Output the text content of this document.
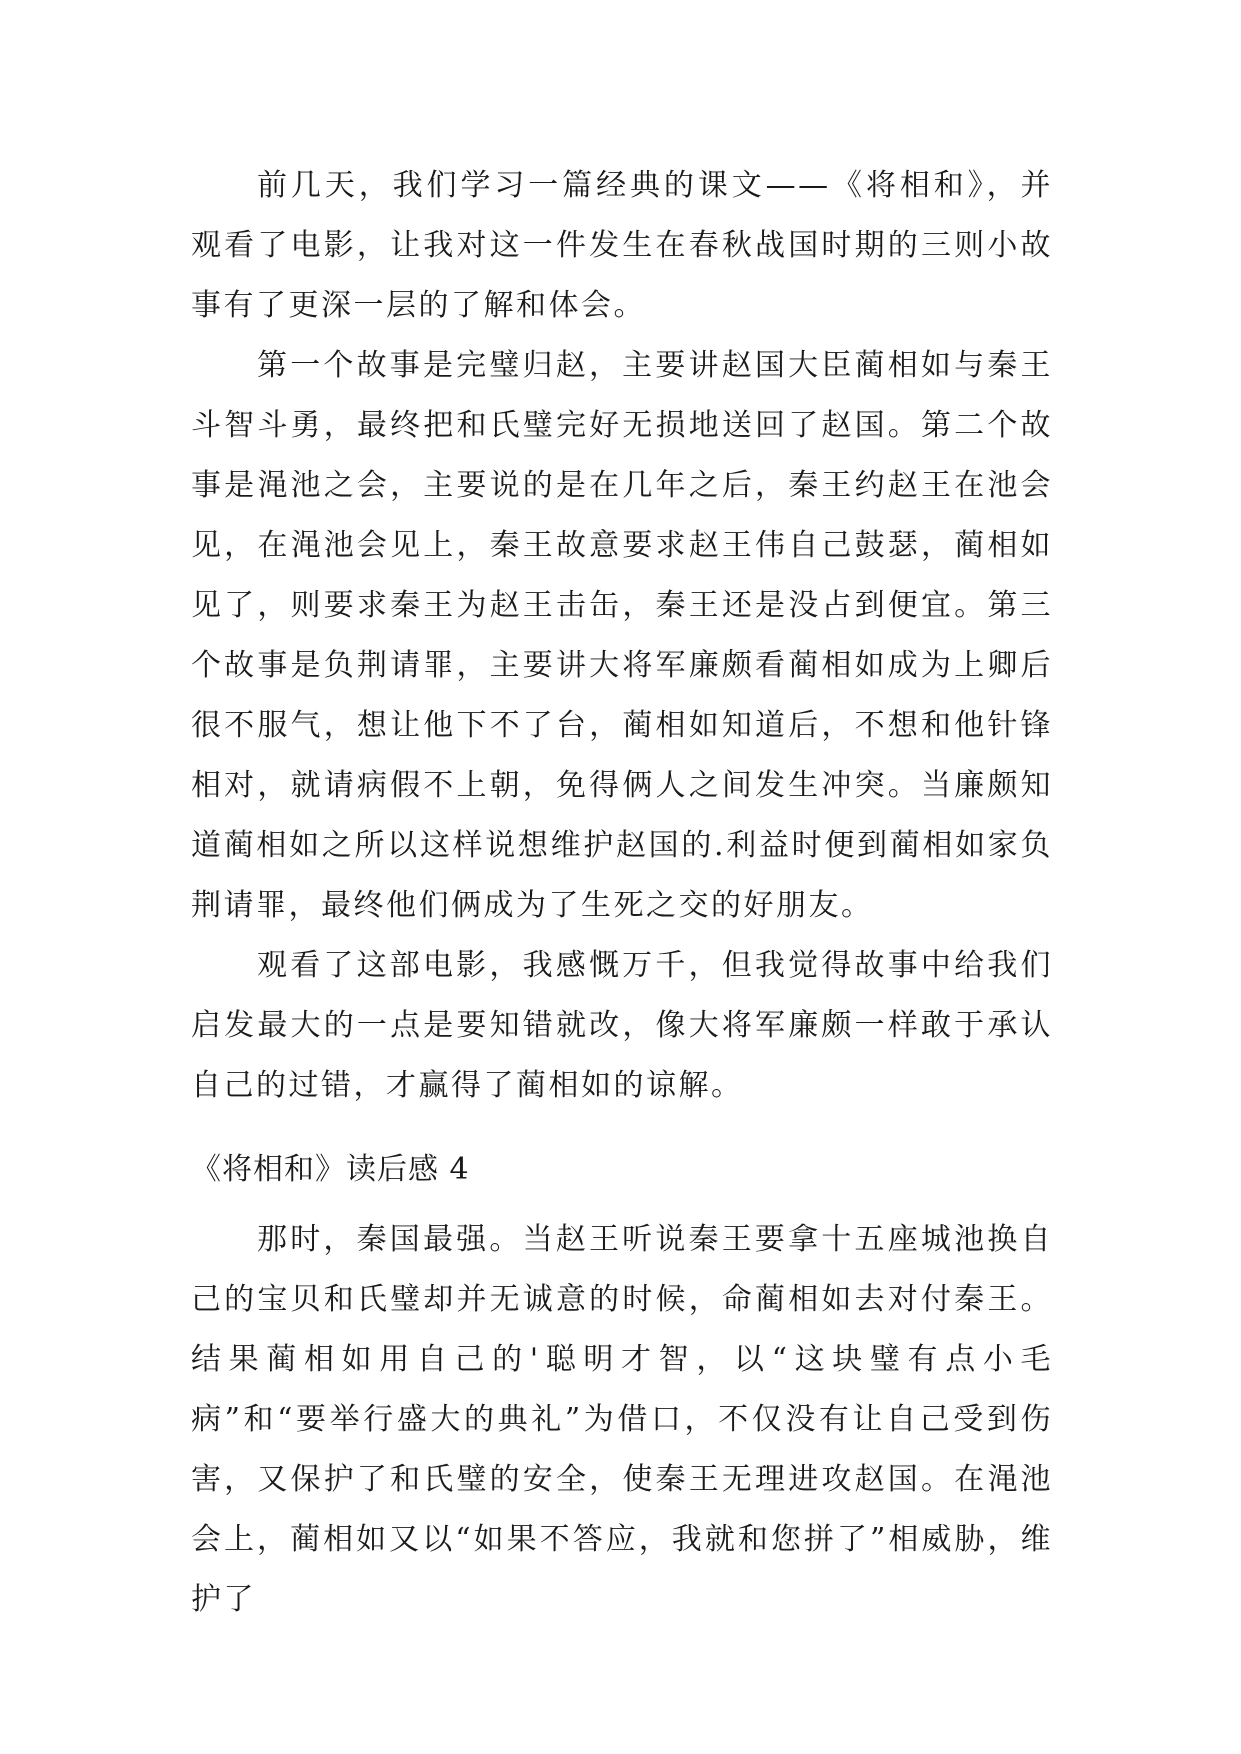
前几天，我们学习一篇经典的课文——《将相和》，并观看了电影，让我对这一件发生在春秋战国时期的三则小故事有了更深一层的了解和体会。

第一个故事是完璧归赵，主要讲赵国大臣蔺相如与秦王斗智斗勇，最终把和氏璧完好无损地送回了赵国。第二个故事是渑池之会，主要说的是在几年之后，秦王约赵王在池会见，在渑池会见上，秦王故意要求赵王伟自己鼓瑟，蔺相如见了，则要求秦王为赵王击缶，秦王还是没占到便宜。第三个故事是负荆请罪，主要讲大将军廉颇看蔺相如成为上卿后很不服气，想让他下不了台，蔺相如知道后，不想和他针锋相对，就请病假不上朝，免得俩人之间发生冲突。当廉颇知道蔺相如之所以这样说想维护赵国的.利益时便到蔺相如家负荆请罪，最终他们俩成为了生死之交的好朋友。

观看了这部电影，我感慨万千，但我觉得故事中给我们启发最大的一点是要知错就改，像大将军廉颇一样敢于承认自己的过错，才赢得了蔺相如的谅解。

《将相和》读后感 4

那时，秦国最强。当赵王听说秦王要拿十五座城池换自己的宝贝和氏璧却并无诚意的时候，命蔺相如去对付秦王。结果蔺相如用自己的'聪明才智，以“这块璧有点小毛病”和“要举行盛大的典礼”为借口，不仅没有让自己受到伤害，又保护了和氏璧的安全，使秦王无理进攻赵国。在渑池会上，蔺相如又以“如果不答应，我就和您拼了”相威胁，维护了
